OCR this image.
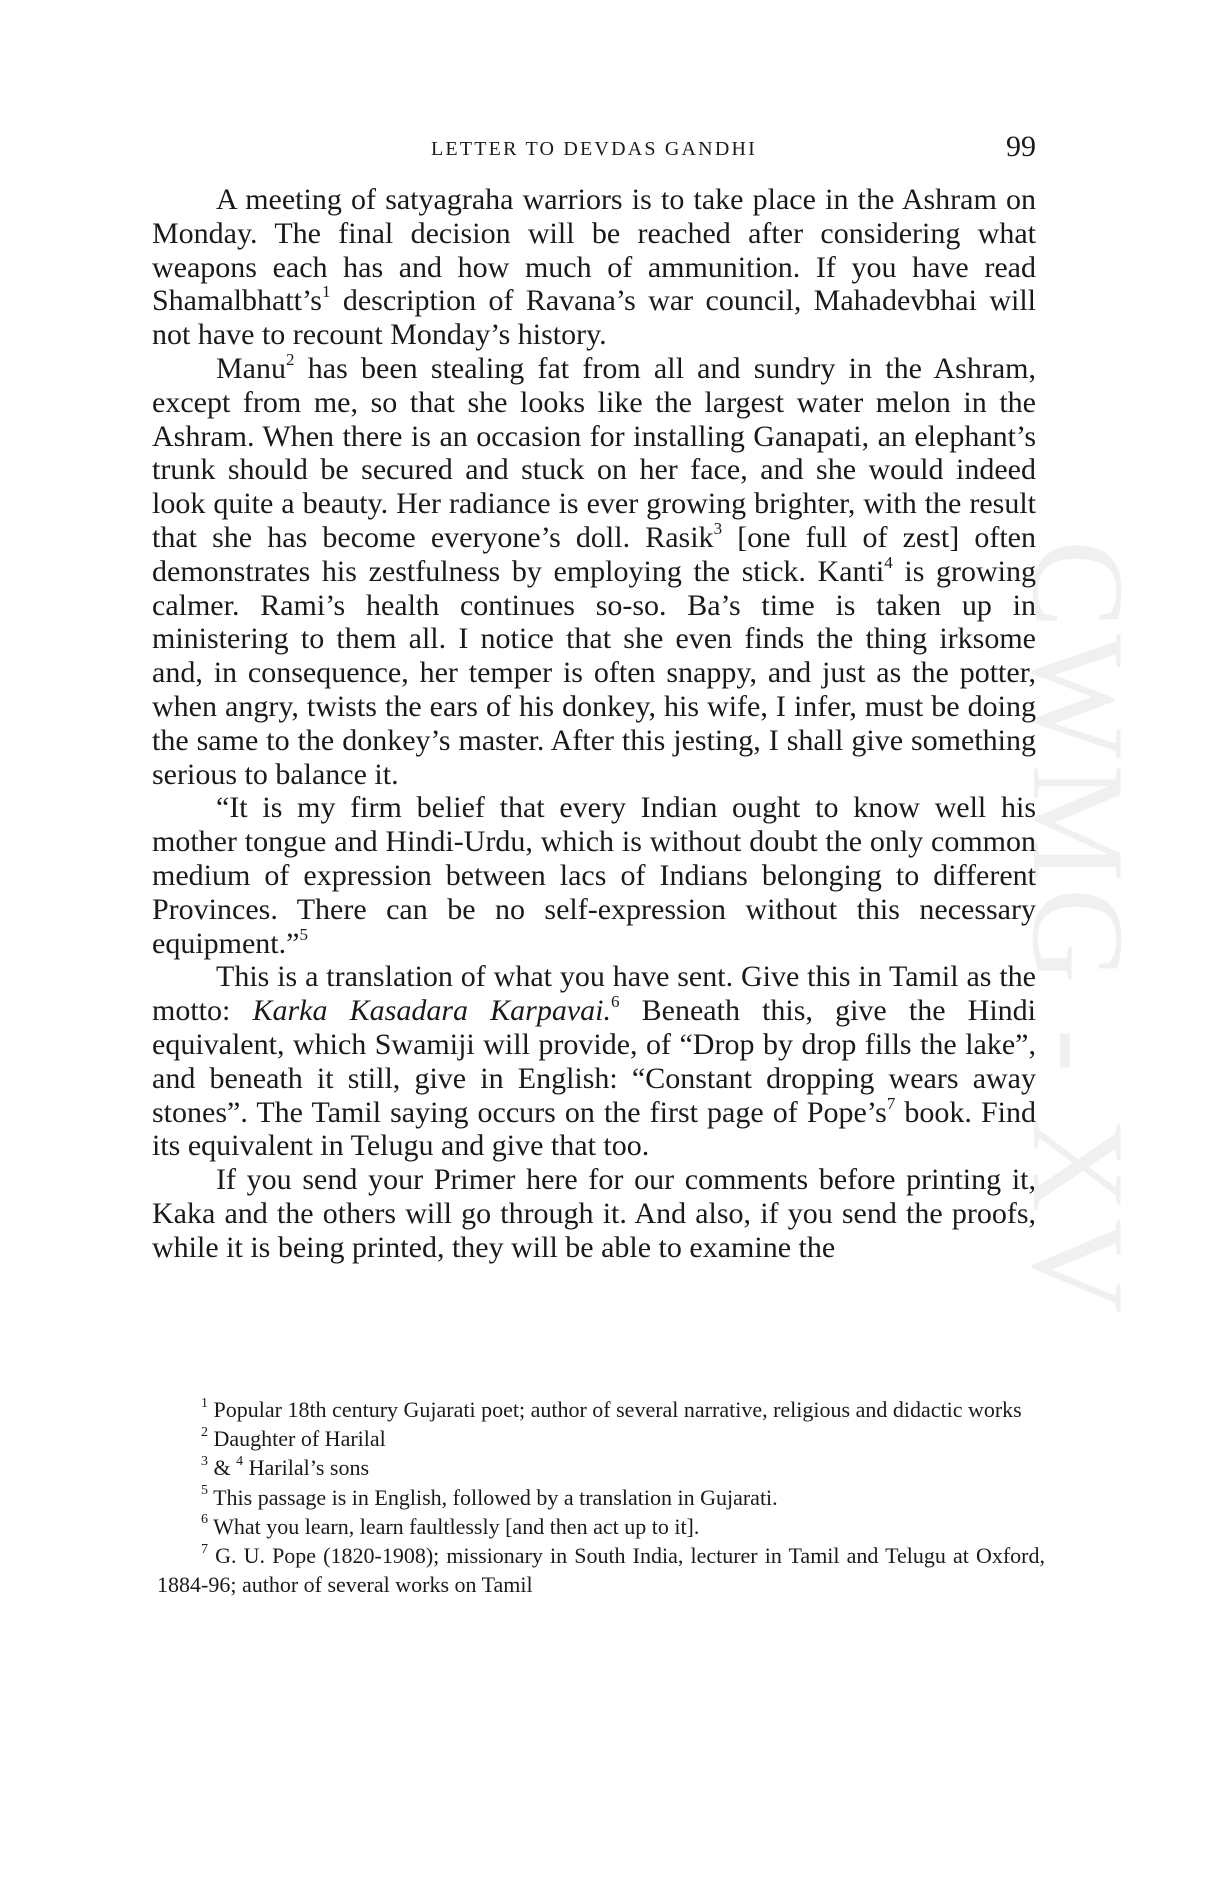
CWMG - XV
LETTER TO DEVDAS GANDHI	99

A meeting of satyagraha warriors is to take place in the Ashram on Monday. The final decision will be reached after considering what weapons each has and how much of ammunition. If you have read $Shamalbhatt’s^1$ description of Ravana’s war council, Mahadevbhai will not have to recount Monday’s history.

Manu$^2$ has been stealing fat from all and sundry in the Ashram, except from me, so that she looks like the largest water melon in the Ashram. When there is an occasion for installing Ganapati, an elephant’s trunk should be secured and stuck on her face, and she would indeed look quite a beauty. Her radiance is ever growing brighter, with the result that she has become everyone’s doll. Rasik$^3$ [one full of zest] often demonstrates his zestfulness by employing the stick. Kanti$^4$ is growing calmer. Rami’s health continues so-so. Ba’s time is taken up in ministering to them all. I notice that she even finds the thing irksome and, in consequence, her temper is often snappy, and just as the potter, when angry, twists the ears of his donkey, his wife, I infer, must be doing the same to the donkey’s master. After this jesting, I shall give something serious to balance it.

“It is my firm belief that every Indian ought to know well his mother tongue and Hindi-Urdu, which is without doubt the only common medium of expression between lacs of Indians belonging to different Provinces. There can be no self-expression without this necessary equipment.”$^5$

This is a translation of what you have sent. Give this in Tamil as the motto: Karka Kasadara Karpavai.$^6$ Beneath this, give the Hindi equivalent, which Swamiji will provide, of “Drop by drop fills the lake”, and beneath it still, give in English: “Constant dropping wears away stones”. The Tamil saying occurs on the first page of $Pope’s^7$ book. Find its equivalent in Telugu and give that too.

If you send your Primer here for our comments before printing it, Kaka and the others will go through it. And also, if you send the proofs, while it is being printed, they will be able to examine the

$^1$ Popular 18th century Gujarati poet; author of several narrative, religious and didactic works

$^2$ Daughter of Harilal

$^3$ & $^4$ Harilal’s sons

$^5$ This passage is in English, followed by a translation in Gujarati.

$^6$ What you learn, learn faultlessly [and then act up to it].

$^7$ G. U. Pope (1820-1908); missionary in South India, lecturer in Tamil and Telugu at Oxford, 1884-96; author of several works on Tamil
